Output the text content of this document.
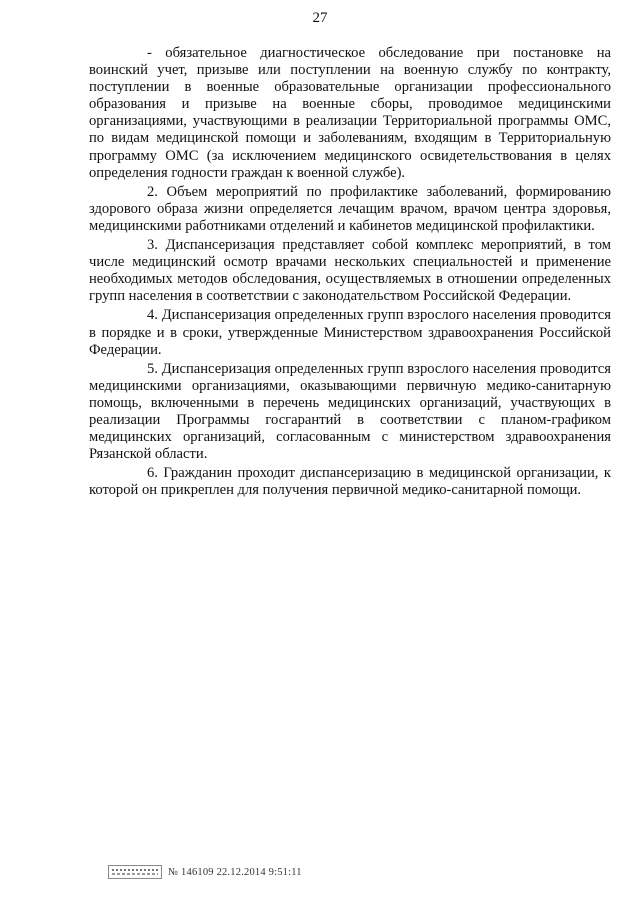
27

- обязательное диагностическое обследование при постановке на воинский учет, призыве или поступлении на военную службу по контракту, поступлении в военные образовательные организации профессионального образования и призыве на военные сборы, проводимое медицинскими организациями, участвующими в реализации Территориальной программы ОМС, по видам медицинской помощи и заболеваниям, входящим в Территориальную программу ОМС (за исключением медицинского освидетельствования в целях определения годности граждан к военной службе).

2. Объем мероприятий по профилактике заболеваний, формированию здорового образа жизни определяется лечащим врачом, врачом центра здоровья, медицинскими работниками отделений и кабинетов медицинской профилактики.

3. Диспансеризация представляет собой комплекс мероприятий, в том числе медицинский осмотр врачами нескольких специальностей и применение необходимых методов обследования, осуществляемых в отношении определенных групп населения в соответствии с законодательством Российской Федерации.

4. Диспансеризация определенных групп взрослого населения проводится в порядке и в сроки, утвержденные Министерством здравоохранения Российской Федерации.

5. Диспансеризация определенных групп взрослого населения проводится медицинскими организациями, оказывающими первичную медико-санитарную помощь, включенными в перечень медицинских организаций, участвующих в реализации Программы госгарантий в соответствии с планом-графиком медицинских организаций, согласованным с министерством здравоохранения Рязанской области.

6. Гражданин проходит диспансеризацию в медицинской организации, к которой он прикреплен для получения первичной медико-санитарной помощи.

№ 146109 22.12.2014 9:51:11
